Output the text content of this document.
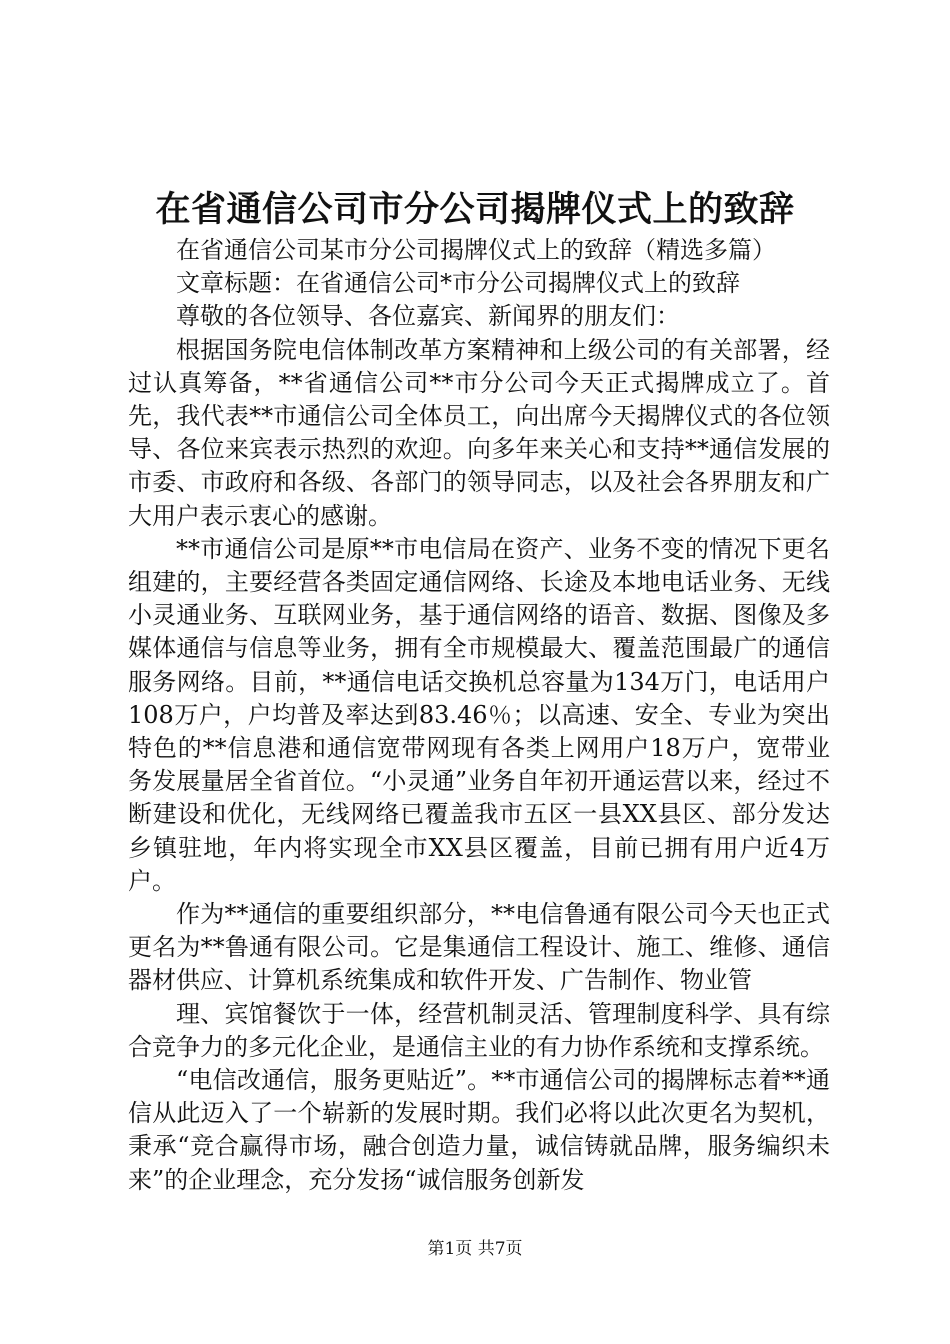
在省通信公司市分公司揭牌仪式上的致辞

在省通信公司某市分公司揭牌仪式上的致辞（精选多篇）

文章标题：在省通信公司*市分公司揭牌仪式上的致辞

尊敬的各位领导、各位嘉宾、新闻界的朋友们：

根据国务院电信体制改革方案精神和上级公司的有关部署，经过认真筹备，**省通信公司**市分公司今天正式揭牌成立了。首先，我代表**市通信公司全体员工，向出席今天揭牌仪式的各位领导、各位来宾表示热烈的欢迎。向多年来关心和支持**通信发展的市委、市政府和各级、各部门的领导同志，以及社会各界朋友和广大用户表示衷心的感谢。

**市通信公司是原**市电信局在资产、业务不变的情况下更名组建的，主要经营各类固定通信网络、长途及本地电话业务、无线小灵通业务、互联网业务，基于通信网络的语音、数据、图像及多媒体通信与信息等业务，拥有全市规模最大、覆盖范围最广的通信服务网络。目前，**通信电话交换机总容量为134万门，电话用户108万户，户均普及率达到83.46％；以高速、安全、专业为突出特色的**信息港和通信宽带网现有各类上网用户18万户，宽带业务发展量居全省首位。“小灵通”业务自年初开通运营以来，经过不断建设和优化，无线网络已覆盖我市五区一县XX县区、部分发达乡镇驻地，年内将实现全市XX县区覆盖，目前已拥有用户近4万户。

作为**通信的重要组织部分，**电信鲁通有限公司今天也正式更名为**鲁通有限公司。它是集通信工程设计、施工、维修、通信器材供应、计算机系统集成和软件开发、广告制作、物业管

理、宾馆餐饮于一体，经营机制灵活、管理制度科学、具有综合竞争力的多元化企业，是通信主业的有力协作系统和支撑系统。

“电信改通信，服务更贴近”。**市通信公司的揭牌标志着**通信从此迈入了一个崭新的发展时期。我们必将以此次更名为契机，秉承“竞合赢得市场，融合创造力量，诚信铸就品牌，服务编织未来”的企业理念，充分发扬“诚信服务创新发

第1页 共7页
